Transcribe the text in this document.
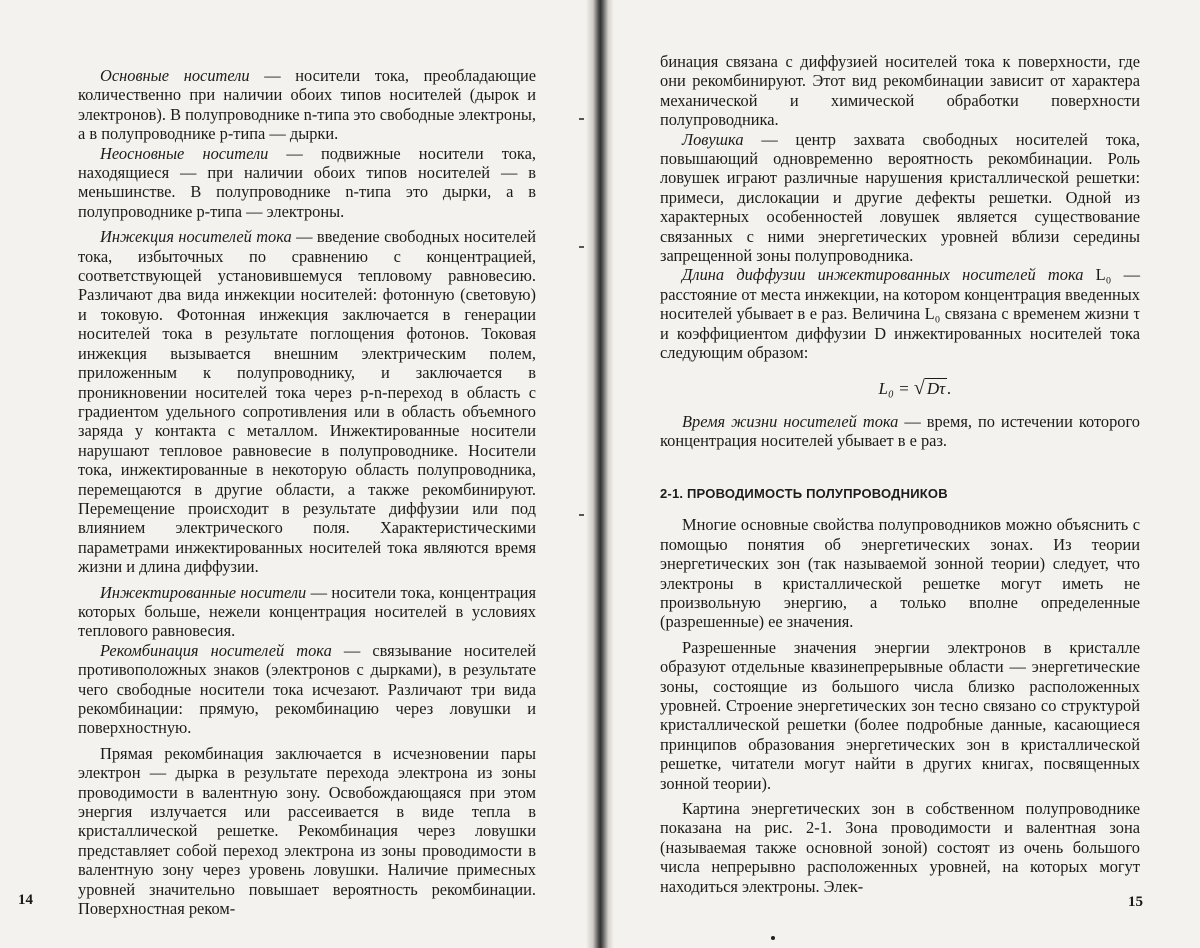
Основные носители — носители тока, преобладающие количественно при наличии обоих типов носителей (дырок и электронов). В полупроводнике n-типа это свободные электроны, а в полупроводнике p-типа — дырки.

Неосновные носители — подвижные носители тока, находящиеся — при наличии обоих типов носителей — в меньшинстве. В полупроводнике n-типа это дырки, а в полупроводнике p-типа — электроны.

Инжекция носителей тока — введение свободных носителей тока, избыточных по сравнению с концентрацией, соответствующей установившемуся тепловому равновесию. Различают два вида инжекции носителей: фотонную (световую) и токовую. Фотонная инжекция заключается в генерации носителей тока в результате поглощения фотонов. Токовая инжекция вызывается внешним электрическим полем, приложенным к полупроводнику, и заключается в проникновении носителей тока через p-n-переход в область с градиентом удельного сопротивления или в область объемного заряда у контакта с металлом. Инжектированные носители нарушают тепловое равновесие в полупроводнике. Носители тока, инжектированные в некоторую область полупроводника, перемещаются в другие области, а также рекомбинируют. Перемещение происходит в результате диффузии или под влиянием электрического поля. Характеристическими параметрами инжектированных носителей тока являются время жизни и длина диффузии.

Инжектированные носители — носители тока, концентрация которых больше, нежели концентрация носителей в условиях теплового равновесия.

Рекомбинация носителей тока — связывание носителей противоположных знаков (электронов с дырками), в результате чего свободные носители тока исчезают. Различают три вида рекомбинации: прямую, рекомбинацию через ловушки и поверхностную.

Прямая рекомбинация заключается в исчезновении пары электрон — дырка в результате перехода электрона из зоны проводимости в валентную зону. Освобождающаяся при этом энергия излучается или рассеивается в виде тепла в кристаллической решетке. Рекомбинация через ловушки представляет собой переход электрона из зоны проводимости в валентную зону через уровень ловушки. Наличие примесных уровней значительно повышает вероятность рекомбинации. Поверхностная реком-

14

бинация связана с диффузией носителей тока к поверхности, где они рекомбинируют. Этот вид рекомбинации зависит от характера механической и химической обработки поверхности полупроводника.

Ловушка — центр захвата свободных носителей тока, повышающий одновременно вероятность рекомбинации. Роль ловушек играют различные нарушения кристаллической решетки: примеси, дислокации и другие дефекты решетки. Одной из характерных особенностей ловушек является существование связанных с ними энергетических уровней вблизи середины запрещенной зоны полупроводника.

Длина диффузии инжектированных носителей тока L₀ — расстояние от места инжекции, на котором концентрация введенных носителей убывает в e раз. Величина L₀ связана с временем жизни τ и коэффициентом диффузии D инжектированных носителей тока следующим образом:

L₀ = √ Dτ .

Время жизни носителей тока — время, по истечении которого концентрация носителей убывает в e раз.

2-1. ПРОВОДИМОСТЬ ПОЛУПРОВОДНИКОВ

Многие основные свойства полупроводников можно объяснить с помощью понятия об энергетических зонах. Из теории энергетических зон (так называемой зонной теории) следует, что электроны в кристаллической решетке могут иметь не произвольную энергию, а только вполне определенные (разрешенные) ее значения.

Разрешенные значения энергии электронов в кристалле образуют отдельные квазинепрерывные области — энергетические зоны, состоящие из большого числа близко расположенных уровней. Строение энергетических зон тесно связано со структурой кристаллической решетки (более подробные данные, касающиеся принципов образования энергетических зон в кристаллической решетке, читатели могут найти в других книгах, посвященных зонной теории).

Картина энергетических зон в собственном полупроводнике показана на рис. 2-1. Зона проводимости и валентная зона (называемая также основной зоной) состоят из очень большого числа непрерывно расположенных уровней, на которых могут находиться электроны. Элек-

15
